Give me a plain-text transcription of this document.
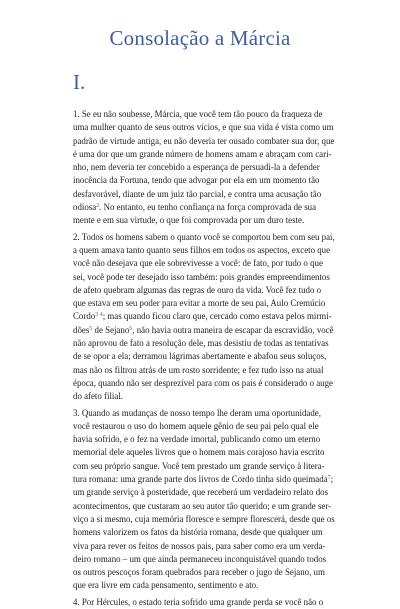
Consolação a Márcia
I.
1. Se eu não soubesse, Márcia, que você tem tão pouco da fraqueza de
uma mulher quanto de seus outros vícios, e que sua vida é vista como um
padrão de virtude antiga, eu não deveria ter ousado combater sua dor, que
é uma dor que um grande número de homens amam e abraçam com cari-
nho, nem deveria ter concebido a esperança de persuadi-la a defender
inocência da Fortuna, tendo que advogar por ela em um momento tão
desfavorável, diante de um juiz tão parcial, e contra uma acusação tão
odiosa$^2$. No entanto, eu tenho confiança na força comprovada de sua
mente e em sua virtude, o que foi comprovada por um duro teste.
2. Todos os homens sabem o quanto você se comportou bem com seu pai,
a quem amava tanto quanto seus filhos em todos os aspectos, exceto que
você não desejava que ele sobrevivesse a você: de fato, por tudo o que
sei, você pode ter desejado isso também: pois grandes empreendimentos
de afeto quebram algumas das regras de ouro da vida. Você fez tudo o
que estava em seu poder para evitar a morte de seu pai, Aulo Cremúcio
Cordo$^{3 4}$; mas quando ficou claro que, cercado como estava pelos mirmi-
dões$^5$ de Sejano$^6$, não havia outra maneira de escapar da escravidão, você
não aprovou de fato a resolução dele, mas desistiu de todas as tentativas
de se opor a ela; derramou lágrimas abertamente e abafou seus soluços,
mas não os filtrou atrás de um rosto sorridente; e fez tudo isso na atual
época, quando não ser desprezível para com os pais é considerado o auge
do afeto filial.
3. Quando as mudanças de nosso tempo lhe deram uma oportunidade,
você restaurou o uso do homem aquele gênio de seu pai pelo qual ele
havia sofrido, e o fez na verdade imortal, publicando como um eterno
memorial dele aqueles livros que o homem mais corajoso havia escrito
com seu próprio sangue. Você tem prestado um grande serviço à litera-
tura romana: uma grande parte dos livros de Cordo tinha sido queimada$^7$;
um grande serviço à posteridade, que receberá um verdadeiro relato dos
acontecimentos, que custaram ao seu autor tão querido; e um grande ser-
viço a si mesmo, cuja memória floresce e sempre florescerá, desde que os
homens valorizem os fatos da história romana, desde que qualquer um
viva para rever os feitos de nossos pais, para saber como era um verda-
deiro romano – um que ainda permaneceu inconquistável quando todos
os outros pescoços foram quebrados para receber o jugo de Sejano, um
que era livre em cada pensamento, sentimento e ato.
4. Por Hércules, o estado teria sofrido uma grande perda se você não o
